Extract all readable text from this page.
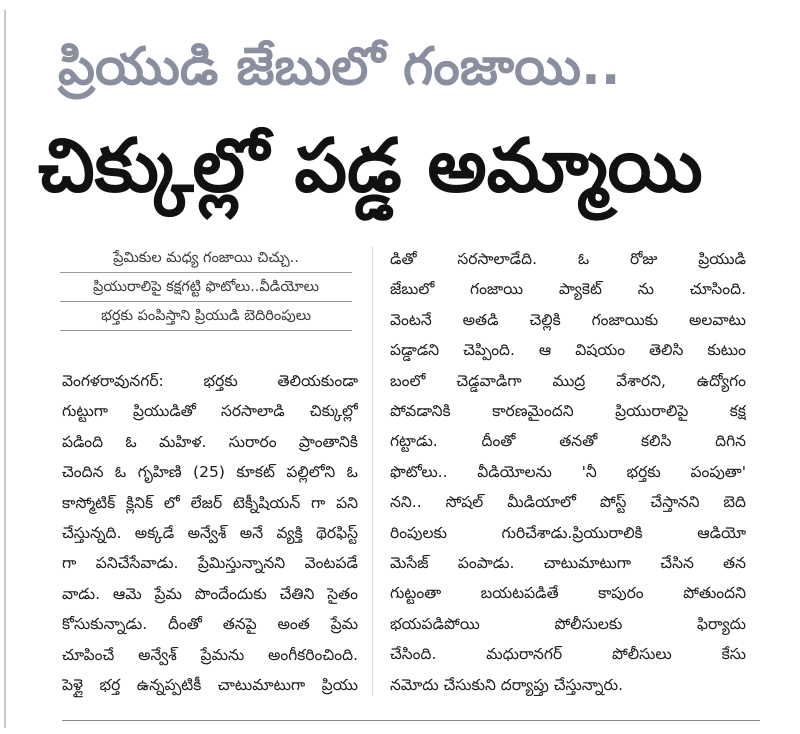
ప్రియుడి జేబులో గంజాయి..
చిక్కుల్లో పడ్డ అమ్మాయి
ప్రేమికుల మధ్య గంజాయి చిచ్చు..
ప్రియురాలిపై కక్షగట్టి ఫొటోలు..వీడియోలు
భర్తకు పంపిస్తాని ప్రియుడి బెదిరింపులు
వెంగళరావునగర్: భర్తకు తెలియకుండా
గుట్టుగా ప్రియుడితో సరసాలాడి చిక్కుల్లో
పడింది ఓ మహిళ. సురారం ప్రాంతానికి
చెందిన ఓ గృహిణి (25) కూకట్ పల్లిలోని ఓ
కాస్మోటిక్ క్లినిక్ లో లేజర్ టెక్నీషియన్ గా పని
చేస్తున్నది. అక్కడే అన్వేశ్ అనే వ్యక్తి థెరఫిస్ట్
గా పనిచేసేవాడు. ప్రేమిస్తున్నానని వెంటపడే
వాడు. ఆమె ప్రేమ పొందేందుకు చేతిని సైతం
కోసుకున్నాడు. దీంతో తనపై అంత ప్రేమ
చూపించే అన్వేశ్ ప్రేమను అంగీకరించింది.
పెళ్లై భర్త ఉన్నప్పటికీ చాటుమాటుగా ప్రియు
డితో సరసాలాడేది. ఓ రోజు ప్రియుడి
జేబులో గంజాయి ప్యాకెట్ ను చూసింది.
వెంటనే అతడి చెల్లికి గంజాయికు అలవాటు
పడ్డాడని చెప్పింది. ఆ విషయం తెలిసి కుటుం
బంలో చెడ్డవాడిగా ముద్ర వేశారని, ఉద్యోగం
పోవడానికి కారణమైందని ప్రియురాలిపై కక్ష
గట్టాడు. దీంతో తనతో కలిసి దిగిన
ఫొటోలు.. వీడియోలను 'నీ భర్తకు పంపుతా'
నని.. సోషల్ మీడియాలో పోస్ట్ చేస్తానని బెది
రింపులకు గురిచేశాడు.ప్రియురాలికి ఆడియో
మెసేజ్ పంపాడు. చాటుమాటుగా చేసిన తన
గుట్టంతా బయటపడితే కాపురం పోతుందని
భయపడిపోయి పోలీసులకు ఫిర్యాదు
చేసింది. మధురానగర్ పోలీసులు కేసు
నమోదు చేసుకుని దర్యాప్తు చేస్తున్నారు.
